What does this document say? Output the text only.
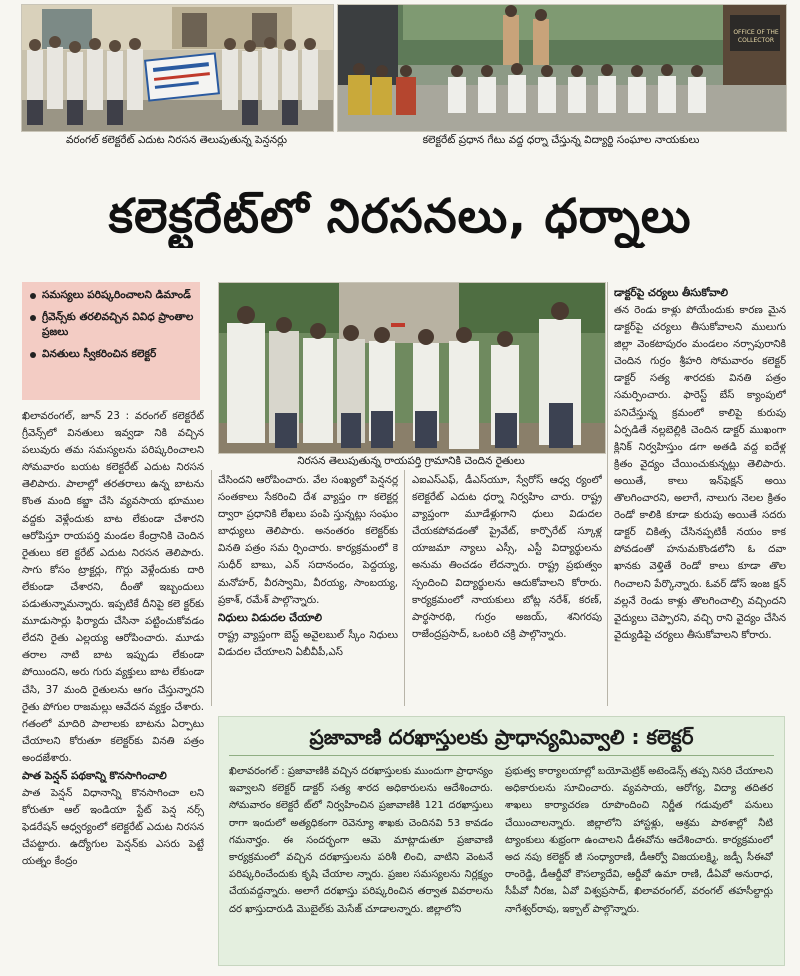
వరంగల్ కలెక్టరేట్ ఎదుట నిరసన తెలుపుతున్న పెన్షనర్లు
OFFICE OF THE COLLECTOR
కలెక్టరేట్ ప్రధాన గేటు వద్ద ధర్నా చేస్తున్న విద్యార్థి సంఘాల నాయకులు
కలెక్టరేట్‌లో నిరసనలు, ధర్నాలు
సమస్యలు పరిష్కరించాలని డిమాండ్
గ్రీవెన్స్‌కు తరలివచ్చిన వివిధ ప్రాంతాల ప్రజలు
వినతులు స్వీకరించిన కలెక్టర్
నిరసన తెలుపుతున్న రాయపర్తి గ్రామానికి చెందిన రైతులు

ఖిలావరంగల్, జూన్ 23 : వరంగల్ కలెక్టరేట్ గ్రీవెన్స్‌లో వినతులు ఇవ్వడా నికి వచ్చిన పలువురు తమ సమస్యలను పరిష్కరించాలని సోమవారం బయట కలెక్టరేట్ ఎదుట నిరసన తెలిపారు. పాలాల్లో తరతరాలు ఉన్న బాటను కొంత మంది కబ్జా చేసి వ్యవసాయ భూముల వద్దకు వెళ్లేందుకు బాట లేకుండా చేశారని ఆరోపిస్తూ రాయపర్తి మండల కేంద్రానికి చెందిన రైతులు కలె క్టరేట్ ఎదుట నిరసన తెలిపారు. సాగు కోసం ట్రాక్టర్లు, గొర్లు వెళ్లేందుకు దారి లేకుండా చేశారని, దీంతో ఇబ్బందులు పడుతున్నామన్నారు. ఇప్పటికే దీనిపై కలె క్టర్‌కు మూడుసార్లు ఫిర్యాదు చేసినా పట్టించుకోవడం లేదని రైతు ఎల్లయ్య ఆరోపించారు. మూడు తరాల నాటి బాట ఇప్పుడు లేకుండా పోయిందని, అరు గురు వ్యక్తులు బాట లేకుండా చేసి, 37 మంది రైతులను ఆగం చేస్తున్నారని రైతు పోగుల రాజమల్లు ఆవేదన వ్యక్తం చేశారు. గతంలో మాదిరి పాలాలకు బాటను ఏర్పాటు చేయాలని కోరుతూ కలెక్టర్‌కు వినతి పత్రం అందజేశారు.

పాత పెన్షన్ పథకాన్ని కొనసాగించాలి

పాత పెన్షన్ విధానాన్ని కొనసాగించా లని కోరుతూ ఆల్ ఇండియా స్టేట్ పెన్ష నర్స్ ఫెడరేషన్ ఆధ్వర్యంలో కలెక్టరేట్ ఎదుట నిరసన చేపట్టారు. ఉద్యోగుల పెన్షన్‌కు ఎసరు పెట్టే యత్నం కేంద్రం

చేసిందని ఆరోపించారు. వేల సంఖ్యలో పెన్షనర్ల సంతకాలు సేకరించి దేశ వ్యాప్తం గా కలెక్టర్ల ద్వారా ప్రధానికి లేఖలు పంపి స్తున్నట్లు సంఘం బాధ్యులు తెలిపారు. అనంతరం కలెక్టర్‌కు వినతి పత్రం సమ ర్పించారు. కార్యక్రమంలో కె సుధీర్ బాబు, ఎన్ సదానందం, పెద్దయ్య, మనోహర్, వీరస్వామి, వీరయ్య, సాంబయ్య, ప్రకాశ్, రమేశ్ పాల్గొన్నారు.

నిధులు విడుదల చేయాలి

రాష్ట్ర వ్యాప్తంగా బెస్ట్ అవైలబుల్ స్కీం నిధులు విడుదల చేయాలని ఏబీవీపీ,ఎస్

ఎఐఎస్‌ఎఫ్, డీఎస్‌యూ, స్వేరోస్ ఆధ్వ ర్యంలో కలెక్టరేట్ ఎదుట ధర్నా నిర్వహిం చారు. రాష్ట్ర వ్యాప్తంగా మూడేళ్లుగాని ధులు విడుదల చేయకపోవడంతో ప్రైవేట్, కార్పొరేట్ స్కూళ్ల యాజమా న్యాలు ఎస్సీ, ఎస్టీ విద్యార్థులను అనుమ తించడం లేదన్నారు. రాష్ట్ర ప్రభుత్వం స్పందించి విద్యార్థులను ఆదుకోవాలని కోరారు. కార్యక్రమంలో నాయకులు బోట్ల నరేశ్, కరణ్, పార్థసారథి, గుర్రం అజయ్, శనిగరపు రాజేంద్రప్రసాద్, ఒంటరి చక్రి పాల్గొన్నారు.

డాక్టర్‌పై చర్యలు తీసుకోవాలి

తన రెండు కాళ్లు పోయేందుకు కారణ మైన డాక్టర్‌పై చర్యలు తీసుకోవాలని ములుగు జిల్లా వెంకటాపురం మండలం నర్సాపురానికి చెందిన గుర్రం శ్రీహరి సోమవారం కలెక్టర్ డాక్టర్ సత్య శారదకు వినతి పత్రం సమర్పించారు. ఫారెస్ట్ బేస్ క్యాంపులో పనిచేస్తున్న క్రమంలో కాలిపై కురుపు ఏర్పడితే నల్లబెల్లికి చెందిన డాక్టర్ ముఖంగా క్లినిక్ నిర్వహిస్తుం డగా అతడి వద్ద ఐదేళ్ల క్రితం వైద్యం చేయించుకున్నట్లు తెలిపారు. అయితే, కాలు ఇన్‌ఫెక్షన్ అయి తొలగించారని, అలాగే, నాలుగు నెలల క్రితం రెండో కాలికి కూడా కురుపు అయితే సదరు డాక్టర్ చికిత్స చేసినప్పటికీ నయం కాక పోవడంతో హనుమకొండలోని ఓ దవా ఖానకు వెళ్తితే రెండో కాలు కూడా తొల గించాలని పేర్కొన్నారు. ఓవర్ డోస్ ఇంజ క్షన్ వల్లనే రెండు కాళ్లు తొలగించాల్సి వచ్చిందని వైద్యులు చెప్పారని, వచ్చి రాని వైద్యం చేసిన వైద్యుడిపై చర్యలు తీసుకోవాలని కోరారు.

ప్రజావాణి దరఖాస్తులకు ప్రాధాన్యమివ్వాలి : కలెక్టర్

ఖిలావరంగల్ : ప్రజావాణికి వచ్చిన దరఖాస్తులకు ముందుగా ప్రాధాన్యం ఇవ్వాలని కలెక్టర్ డాక్టర్ సత్య శారద అధికారులను ఆదేశించారు. సోమవారం కలెక్టరే ట్‌లో నిర్వహించిన ప్రజావాణికి 121 దరఖాస్తులు రాగా ఇందులో అత్యధికంగా రెవెన్యూ శాఖకు చెందినవి 53 కావడం గమనార్హం. ఈ సందర్భంగా ఆమె మాట్లాడుతూ ప్రజావాణి కార్యక్రమంలో వచ్చిన దరఖాస్తులను పరిశీ లించి, వాటిని వెంటనే పరిష్కరించేందుకు కృషి చేయాల న్నారు. ప్రజల సమస్యలను నిర్లక్ష్యం చేయవద్దన్నారు. అలాగే దరఖాస్తు పరిష్కరించిన తర్వాత వివరాలను దర ఖాస్తుదారుడి మొబైల్‌కు మెసేజ్ చూడాలన్నారు. జిల్లాలోని

ప్రభుత్వ కార్యాలయాల్లో బయోమెట్రిక్ అటెండెన్స్ తప్ప నిసరి చేయాలని అధికారులను సూచించారు. వ్యవసాయ, ఆరోగ్య, విద్యా తదితర శాఖలు కార్యాచరణ రూపొందించి నిర్ణీత గడువులో పనులు చేయించాలన్నారు. జిల్లాలోని హాస్టళ్లు, ఆశ్రమ పాఠశాల్లో నీటి ట్యాంకులు శుభ్రంగా ఉంచాలని డీఈవోను ఆదేశించారు. కార్యక్రమంలో అద నపు కలెక్టర్ జీ సంధ్యారాణి, డీఆర్వో విజయలక్ష్మి, జడ్పీ సీఈవో రాంరెడ్డి, డీఆర్డీవో కౌసల్యాదేవి, ఆర్డీవో ఉమా రాణి, డీఏవో అనురాధ, సీపీవో నీరజ, ఏవో విశ్వప్రసాద్, ఖిలావరంగల్, వరంగల్ తహసీల్దార్లు నాగేశ్వర్‌రావు, ఇక్బాల్ పాల్గొన్నారు.
